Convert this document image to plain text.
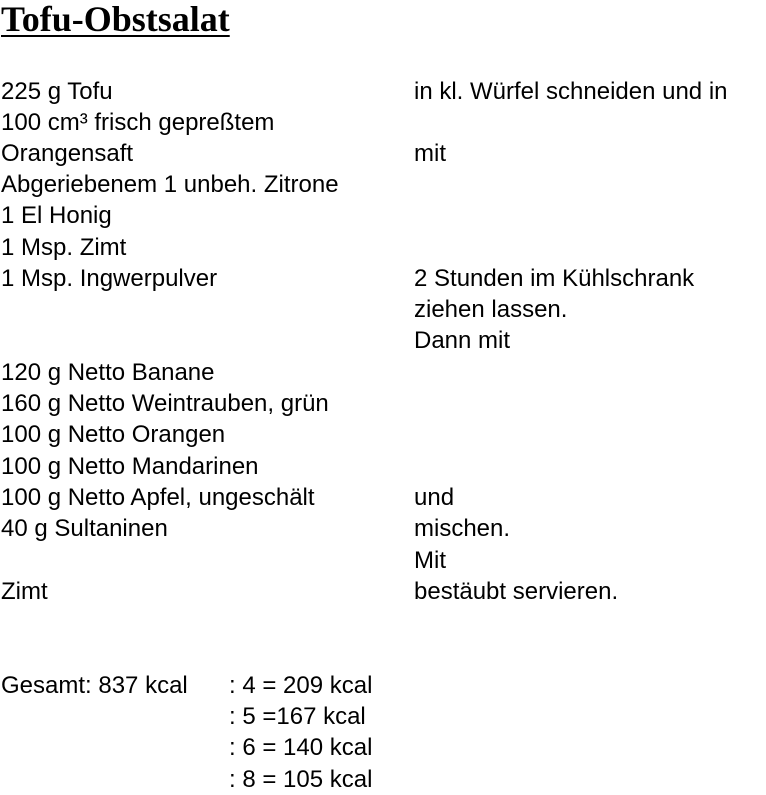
Tofu-Obstsalat
225 g Tofu	in kl. Würfel schneiden und in
100 cm³ frisch gepreßtem
Orangensaft	mit
Abgeriebenem 1 unbeh. Zitrone
1 El Honig
1 Msp. Zimt
1 Msp. Ingwerpulver	2 Stunden im Kühlschrank
ziehen lassen.
Dann mit
120 g Netto Banane
160 g Netto Weintrauben, grün
100 g Netto Orangen
100 g Netto Mandarinen
100 g Netto Apfel, ungeschält	und
40 g Sultaninen	mischen.
Mit
Zimt	bestäubt servieren.
Gesamt: 837 kcal : 4 = 209 kcal
: 5 =167 kcal
: 6 = 140 kcal
: 8 = 105 kcal
